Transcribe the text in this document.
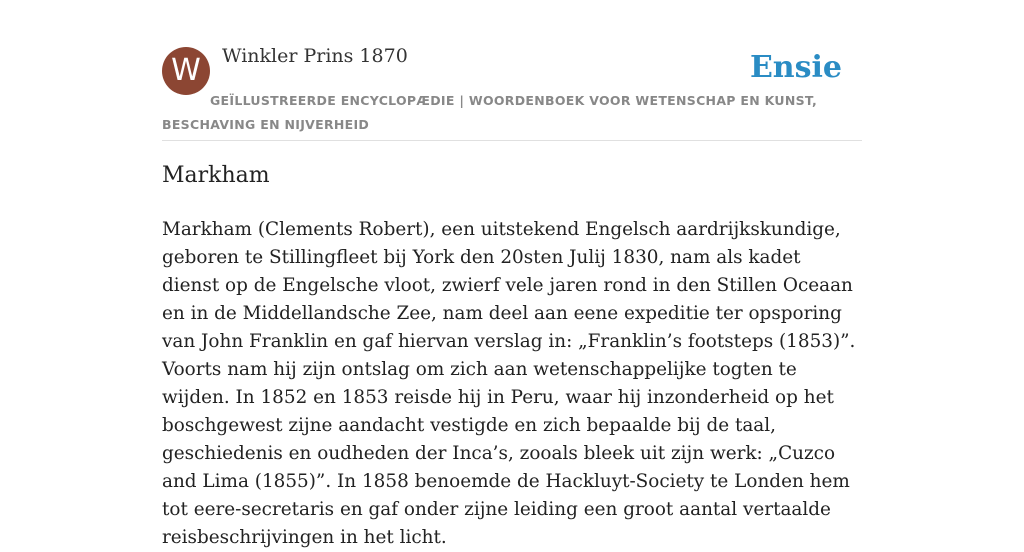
W	Winkler Prins 1870	Ensie
GEÏLLUSTREERDE ENCYCLOPÆDIE | WOORDENBOEK VOOR WETENSCHAP EN KUNST, BESCHAVING EN NIJVERHEID
Markham

Markham (Clements Robert), een uitstekend Engelsch aardrijkskundige, geboren te Stillingfleet bij York den 20sten Julij 1830, nam als kadet dienst op de Engelsche vloot, zwierf vele jaren rond in den Stillen Oceaan en in de Middellandsche Zee, nam deel aan eene expeditie ter opsporing van John Franklin en gaf hiervan verslag in: „Franklin’s footsteps (1853)”. Voorts nam hij zijn ontslag om zich aan wetenschappelijke togten te wijden. In 1852 en 1853 reisde hij in Peru, waar hij inzonderheid op het boschgewest zijne aandacht vestigde en zich bepaalde bij de taal, geschiedenis en oudheden der Inca’s, zooals bleek uit zijn werk: „Cuzco and Lima (1855)”. In 1858 benoemde de Hackluyt-Society te Londen hem tot eere-secretaris en gaf onder zijne leiding een groot aantal vertaalde reisbeschrijvingen in het licht.
